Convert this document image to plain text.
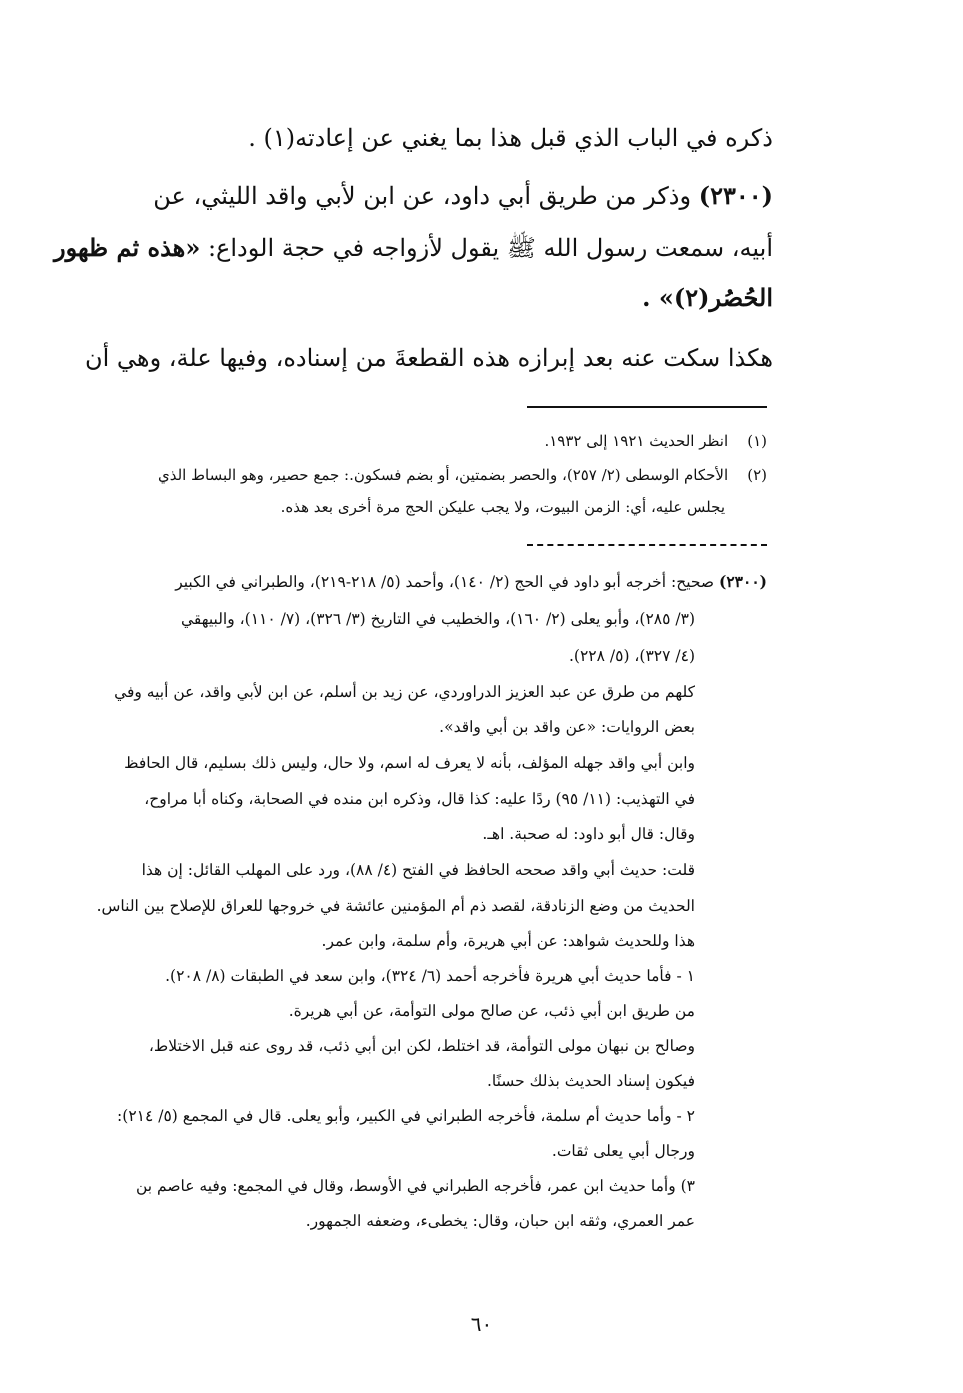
ذكره في الباب الذي قبل هذا بما يغني عن إعادته(١) .
(٢٣٠٠) وذكر من طريق أبي داود، عن ابن لأبي واقد الليثي، عن
أبيه، سمعت رسول الله ﷺ يقول لأزواجه في حجة الوداع: «هذه ثم ظهور
الحُصُر(٢)» .
هكذا سكت عنه بعد إبرازه هذه القطعةَ من إسناده، وفيها علة، وهي أن
(١)    انظر الحديث ١٩٢١ إلى ١٩٣٢.
(٢)    الأحكام الوسطى (٢/ ٢٥٧)، والحصر بضمتين، أو بضم فسكون.: جمع حصير، وهو البساط الذي
يجلس عليه، أي: الزمن البيوت، ولا يجب عليكن الحج مرة أخرى بعد هذه.
(٢٣٠٠) صحيح: أخرجه أبو داود في الحج (٢/ ١٤٠)، وأحمد (٥/ ٢١٨-٢١٩)، والطبراني في الكبير
(٣/ ٢٨٥)، وأبو يعلى (٢/ ١٦٠)، والخطيب في التاريخ (٣/ ٣٢٦)، (٧/ ١١٠)، والبيهقي
(٤/ ٣٢٧)، (٥/ ٢٢٨).
كلهم من طرق عن عبد العزيز الدراوردي، عن زيد بن أسلم، عن ابن لأبي واقد، عن أبيه وفي
بعض الروايات: «عن واقد بن أبي واقد».
وابن أبي واقد جهله المؤلف، بأنه لا يعرف له اسم، ولا حال، وليس ذلك بسليم، قال الحافظ
في التهذيب: (١١/ ٩٥) ردًا عليه: كذا قال، وذكره ابن منده في الصحابة، وكناه أبا مراوح،
وقال: قال أبو داود: له صحبة. اهـ.
قلت: حديث أبي واقد صححه الحافظ في الفتح (٤/ ٨٨)، ورد على المهلب القائل: إن هذا
الحديث من وضع الزنادقة، لقصد ذم أم المؤمنين عائشة في خروجها للعراق للإصلاح بين الناس.
هذا وللحديث شواهد: عن أبي هريرة، وأم سلمة، وابن عمر.
١ - فأما حديث أبي هريرة فأخرجه أحمد (٦/ ٣٢٤)، وابن سعد في الطبقات (٨/ ٢٠٨).
من طريق ابن أبي ذئب، عن صالح مولى التوأمة، عن أبي هريرة.
وصالح بن نبهان مولى التوأمة، قد اختلط، لكن ابن أبي ذئب، قد روى عنه قبل الاختلاط،
فيكون إسناد الحديث بذلك حسنًا.
٢ - وأما حديث أم سلمة، فأخرجه الطبراني في الكبير، وأبو يعلى. قال في المجمع (٥/ ٢١٤):
ورجال أبي يعلى ثقات.
٣) وأما حديث ابن عمر، فأخرجه الطبراني في الأوسط، وقال في المجمع: وفيه عاصم بن
عمر العمري، وثقه ابن حبان، وقال: يخطىء، وضعفه الجمهور.
٦٠
